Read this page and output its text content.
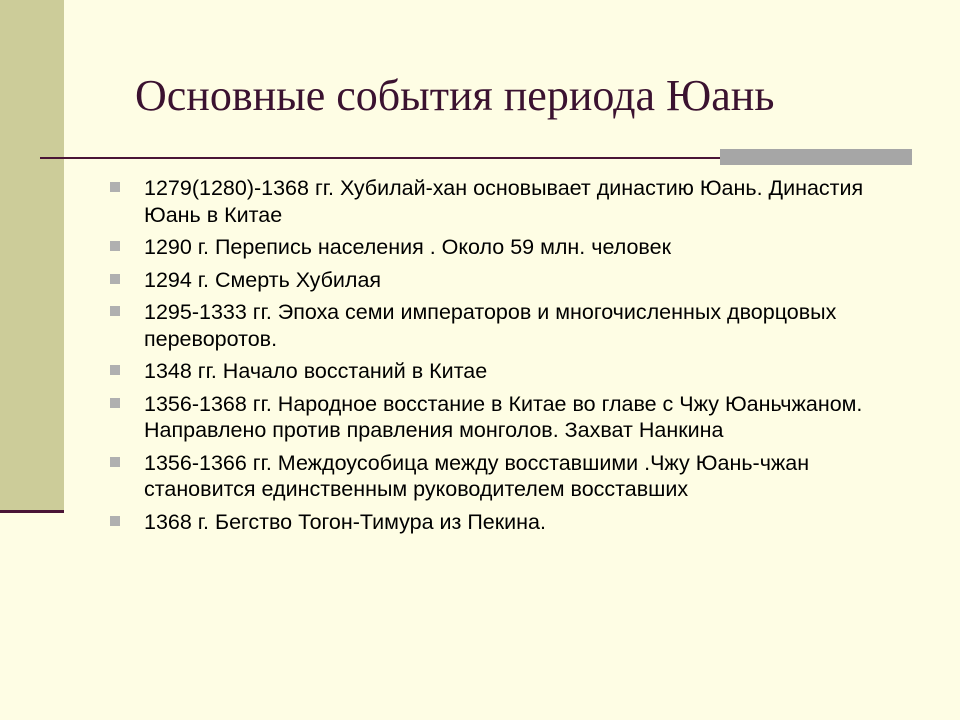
Основные события периода Юань
1279(1280)-1368 гг. Хубилай-хан основывает династию Юань. Династия Юань в Китае
1290 г. Перепись населения . Около 59 млн. человек
1294 г. Смерть Хубилая
1295-1333 гг. Эпоха семи императоров и многочисленных дворцовых переворотов.
1348 гг. Начало восстаний в Китае
1356-1368 гг. Народное восстание в Китае во главе с Чжу Юаньчжаном. Направлено против правления монголов. Захват Нанкина
1356-1366 гг. Междоусобица между восставшими .Чжу Юань-чжан становится единственным руководителем восставших
1368 г. Бегство Тогон-Тимура из Пекина.
